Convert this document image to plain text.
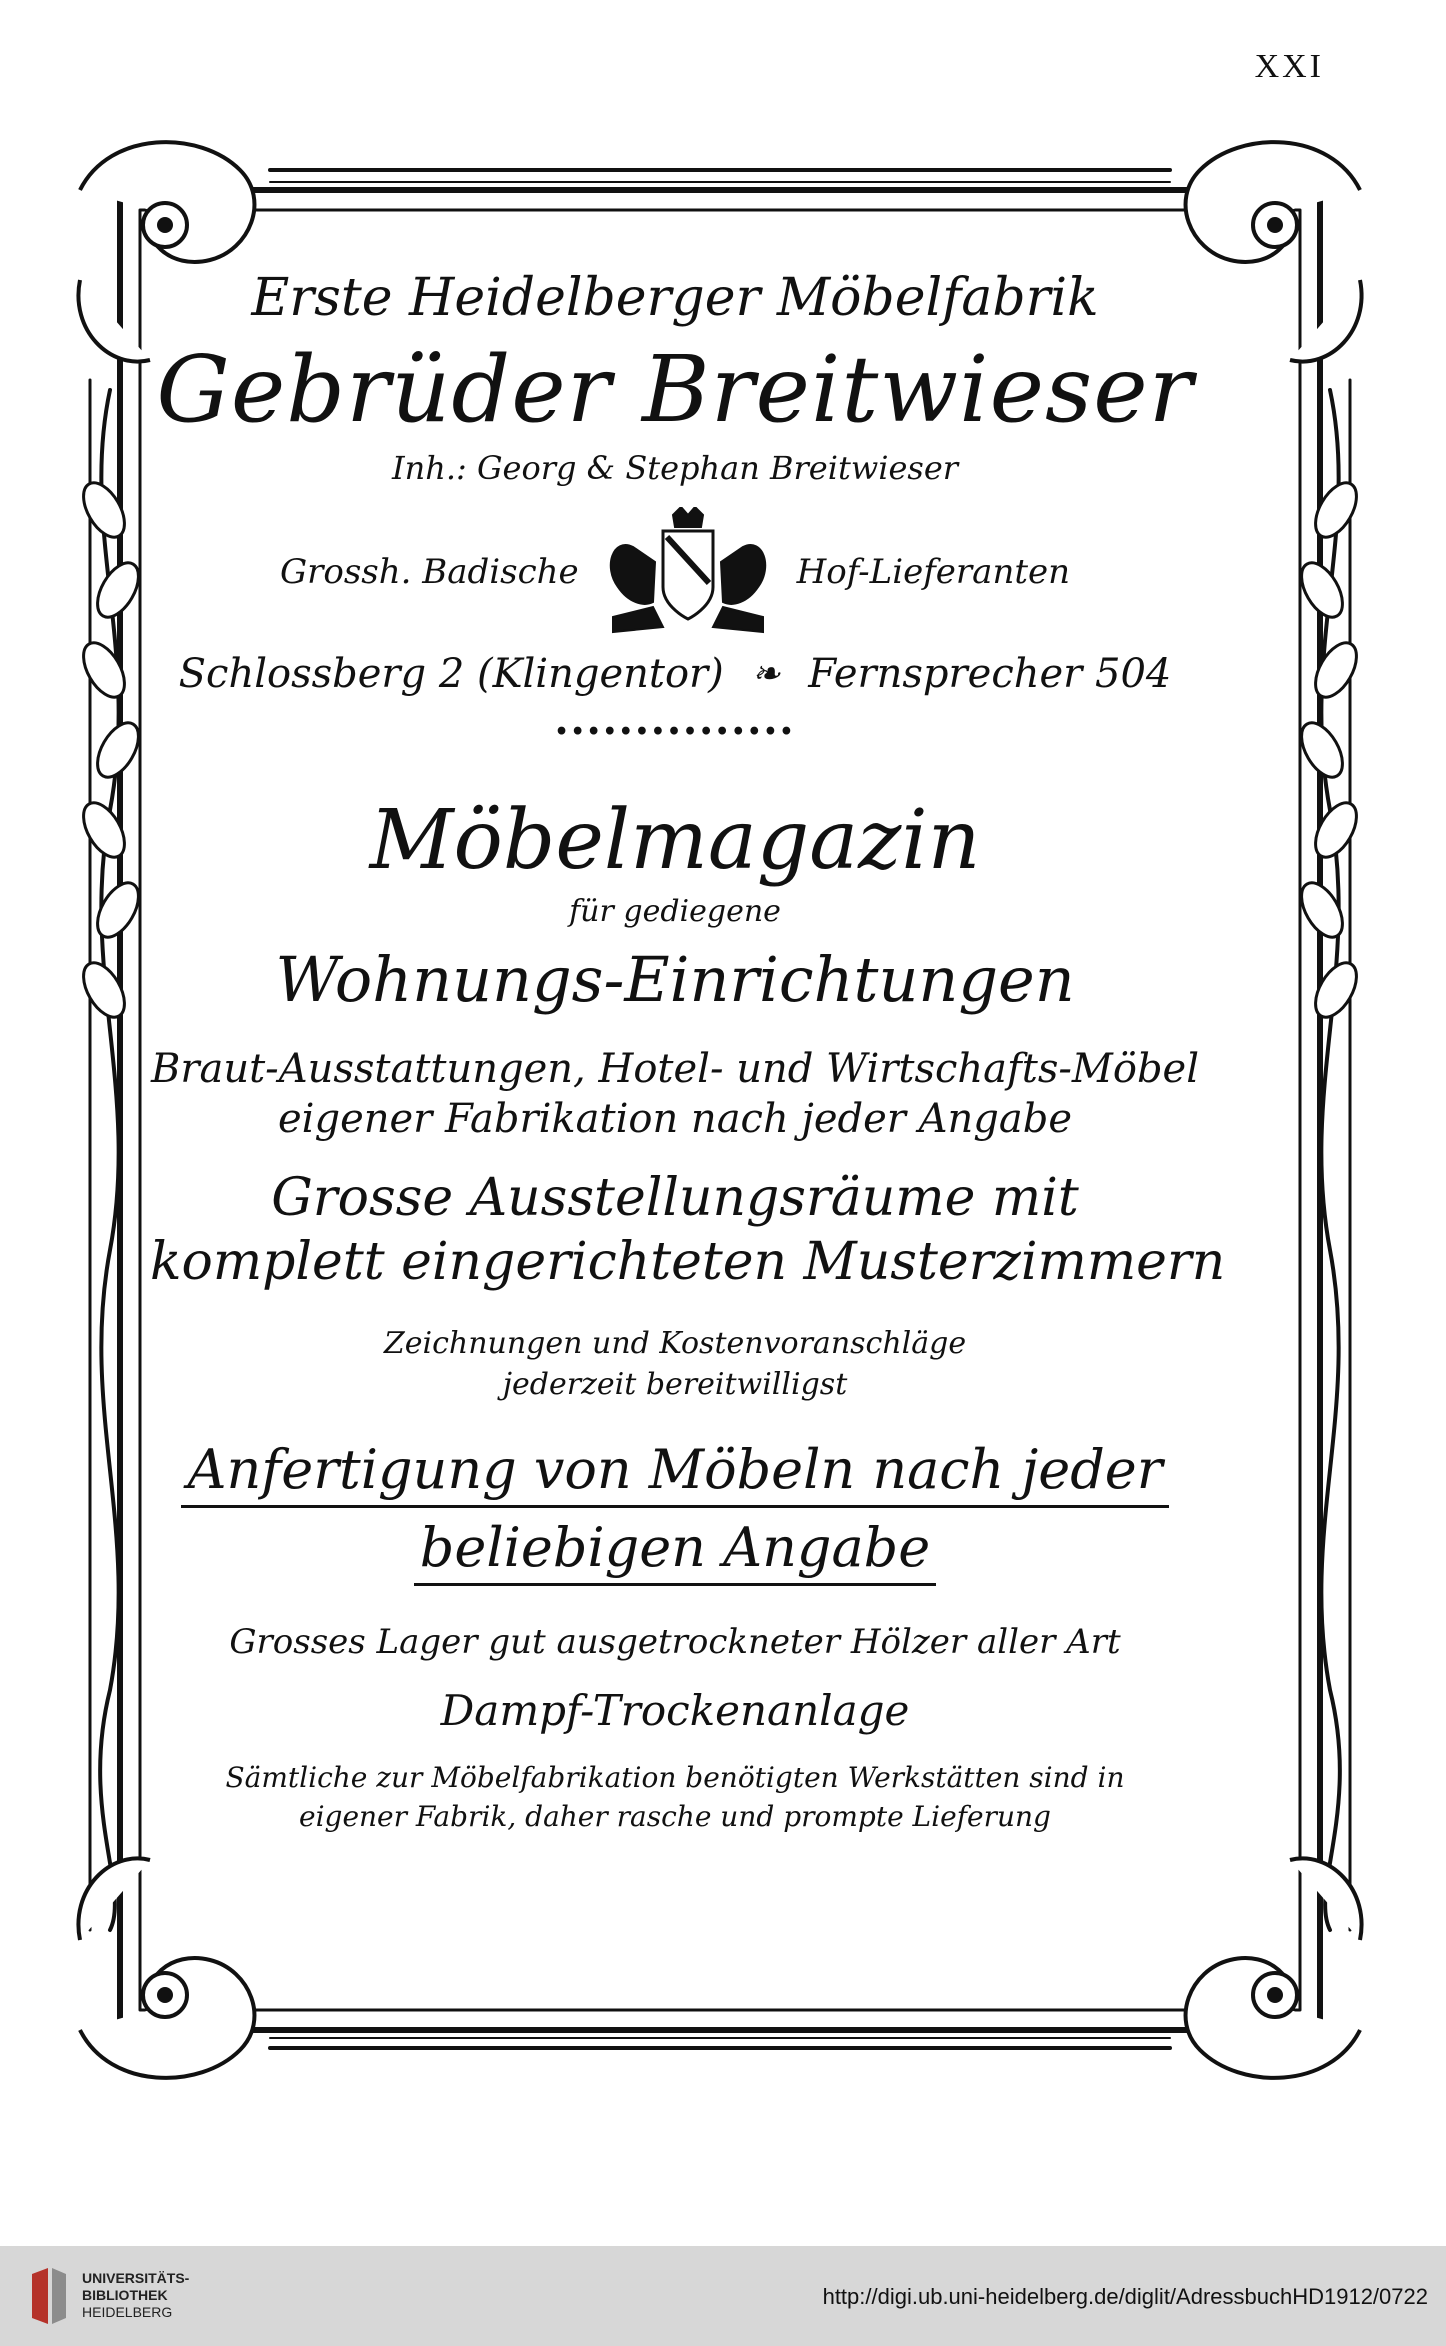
XXI
Erste Heidelberger Möbelfabrik
Gebrüder Breitwieser
Inh.: Georg & Stephan Breitwieser
Grossh. Badische	Hof-Lieferanten
Schlossberg 2 (Klingentor) ❧ Fernsprecher 504
•••••••••••••••
Möbelmagazin
für gediegene
Wohnungs-Einrichtungen
Braut-Ausstattungen, Hotel- und Wirtschafts-Möbel
eigener Fabrikation nach jeder Angabe
Grosse Ausstellungsräume mit
komplett eingerichteten Musterzimmern
Zeichnungen und Kostenvoranschläge
jederzeit bereitwilligst
Anfertigung von Möbeln nach jeder
beliebigen Angabe
Grosses Lager gut ausgetrockneter Hölzer aller Art
Dampf-Trockenanlage
Sämtliche zur Möbelfabrikation benötigten Werkstätten sind in
eigener Fabrik, daher rasche und prompte Lieferung
UNIVERSITÄTS-
BIBLIOTHEK
HEIDELBERG
http://digi.ub.uni-heidelberg.de/diglit/AdressbuchHD1912/0722
